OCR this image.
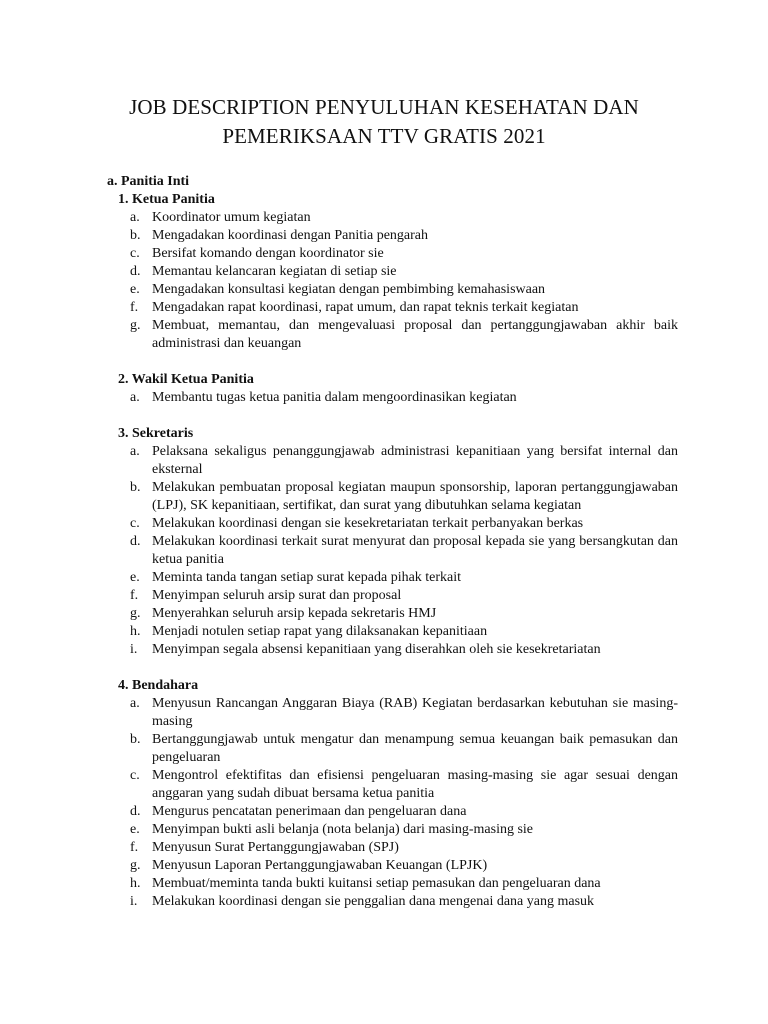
JOB DESCRIPTION PENYULUHAN KESEHATAN DAN
PEMERIKSAAN TTV GRATIS 2021
a. Panitia Inti
1. Ketua Panitia
a. Koordinator umum kegiatan
b. Mengadakan koordinasi dengan Panitia pengarah
c. Bersifat komando dengan koordinator sie
d. Memantau kelancaran kegiatan di setiap sie
e. Mengadakan konsultasi kegiatan dengan pembimbing kemahasiswaan
f. Mengadakan rapat koordinasi, rapat umum, dan rapat teknis terkait kegiatan
g. Membuat, memantau, dan mengevaluasi proposal dan pertanggungjawaban akhir baik administrasi dan keuangan
2. Wakil Ketua Panitia
a. Membantu tugas ketua panitia dalam mengoordinasikan kegiatan
3. Sekretaris
a. Pelaksana sekaligus penanggungjawab administrasi kepanitiaan yang bersifat internal dan eksternal
b. Melakukan pembuatan proposal kegiatan maupun sponsorship, laporan pertanggungjawaban (LPJ), SK kepanitiaan, sertifikat, dan surat yang dibutuhkan selama kegiatan
c. Melakukan koordinasi dengan sie kesekretariatan terkait perbanyakan berkas
d. Melakukan koordinasi terkait surat menyurat dan proposal kepada sie yang bersangkutan dan ketua panitia
e. Meminta tanda tangan setiap surat kepada pihak terkait
f. Menyimpan seluruh arsip surat dan proposal
g. Menyerahkan seluruh arsip kepada sekretaris HMJ
h. Menjadi notulen setiap rapat yang dilaksanakan kepanitiaan
i. Menyimpan segala absensi kepanitiaan yang diserahkan oleh sie kesekretariatan
4. Bendahara
a. Menyusun Rancangan Anggaran Biaya (RAB) Kegiatan berdasarkan kebutuhan sie masing-masing
b. Bertanggungjawab untuk mengatur dan menampung semua keuangan baik pemasukan dan pengeluaran
c. Mengontrol efektifitas dan efisiensi pengeluaran masing-masing sie agar sesuai dengan anggaran yang sudah dibuat bersama ketua panitia
d. Mengurus pencatatan penerimaan dan pengeluaran dana
e. Menyimpan bukti asli belanja (nota belanja) dari masing-masing sie
f. Menyusun Surat Pertanggungjawaban (SPJ)
g. Menyusun Laporan Pertanggungjawaban Keuangan (LPJK)
h. Membuat/meminta tanda bukti kuitansi setiap pemasukan dan pengeluaran dana
i. Melakukan koordinasi dengan sie penggalian dana mengenai dana yang masuk
